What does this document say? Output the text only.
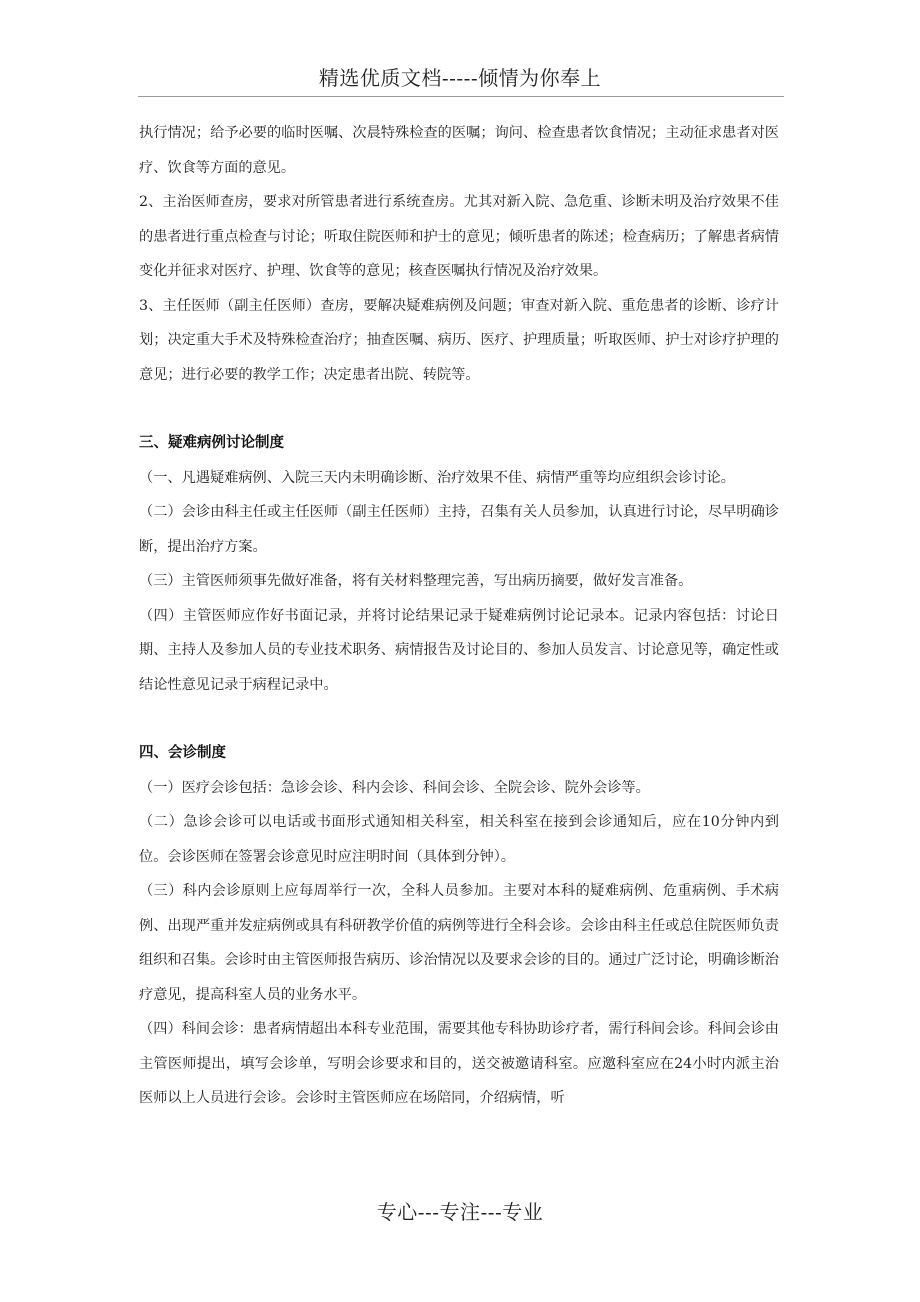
精选优质文档-----倾情为你奉上

执行情况；给予必要的临时医嘱、次晨特殊检查的医嘱；询问、检查患者饮食情况；主动征求患者对医疗、饮食等方面的意见。

2、主治医师查房，要求对所管患者进行系统查房。尤其对新入院、急危重、诊断未明及治疗效果不佳的患者进行重点检查与讨论；听取住院医师和护士的意见；倾听患者的陈述；检查病历；了解患者病情变化并征求对医疗、护理、饮食等的意见；核查医嘱执行情况及治疗效果。

3、主任医师（副主任医师）查房，要解决疑难病例及问题；审查对新入院、重危患者的诊断、诊疗计划；决定重大手术及特殊检查治疗；抽查医嘱、病历、医疗、护理质量；听取医师、护士对诊疗护理的意见；进行必要的教学工作；决定患者出院、转院等。

三、疑难病例讨论制度

（一、凡遇疑难病例、入院三天内未明确诊断、治疗效果不佳、病情严重等均应组织会诊讨论。

（二）会诊由科主任或主任医师（副主任医师）主持，召集有关人员参加，认真进行讨论，尽早明确诊断，提出治疗方案。

（三）主管医师须事先做好准备，将有关材料整理完善，写出病历摘要，做好发言准备。

（四）主管医师应作好书面记录，并将讨论结果记录于疑难病例讨论记录本。记录内容包括：讨论日期、主持人及参加人员的专业技术职务、病情报告及讨论目的、参加人员发言、讨论意见等，确定性或结论性意见记录于病程记录中。

四、会诊制度

（一）医疗会诊包括：急诊会诊、科内会诊、科间会诊、全院会诊、院外会诊等。

（二）急诊会诊可以电话或书面形式通知相关科室，相关科室在接到会诊通知后，应在10分钟内到位。会诊医师在签署会诊意见时应注明时间（具体到分钟）。

（三）科内会诊原则上应每周举行一次，全科人员参加。主要对本科的疑难病例、危重病例、手术病例、出现严重并发症病例或具有科研教学价值的病例等进行全科会诊。会诊由科主任或总住院医师负责组织和召集。会诊时由主管医师报告病历、诊治情况以及要求会诊的目的。通过广泛讨论，明确诊断治疗意见，提高科室人员的业务水平。

（四）科间会诊：患者病情超出本科专业范围，需要其他专科协助诊疗者，需行科间会诊。科间会诊由主管医师提出，填写会诊单，写明会诊要求和目的，送交被邀请科室。应邀科室应在24小时内派主治医师以上人员进行会诊。会诊时主管医师应在场陪同，介绍病情，听

专心---专注---专业
